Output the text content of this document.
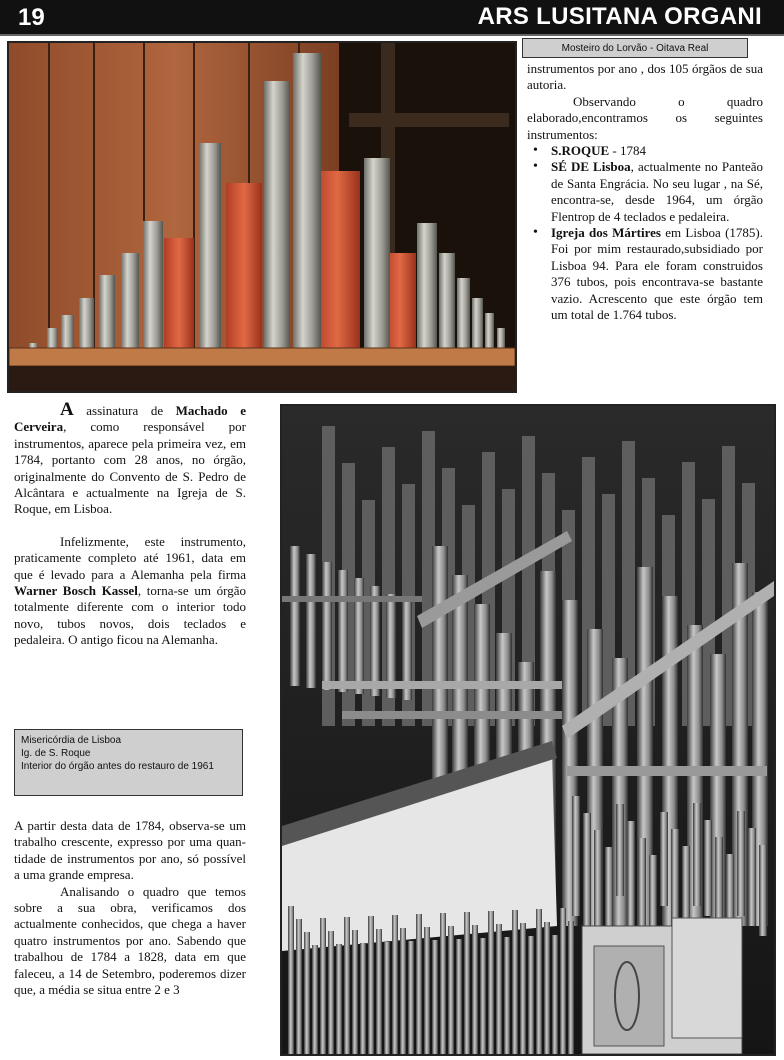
19	ARS LUSITANA ORGANI
Mosteiro do Lorvão - Oitava Real

instrumentos por ano , dos 105 órgãos de sua autoria.

Observando o quadro elaborado,encontramos os seguintes instrumentos:

• S.ROQUE - 1784
• SÉ DE Lisboa, actualmente no Panteão de Santa Engrácia. No seu lugar , na Sé, encontra-se, desde 1964, um órgão Flentrop de 4 teclados e pedaleira.
• Igreja dos Mártires em Lisboa (1785). Foi por mim restaurado,subsidiado por Lisboa 94. Para ele foram construidos 376 tubos, pois encontrava-se bastante vazio. Acrescento que este órgão tem um total de 1.764 tubos.

A assinatura de Machado e Cerveira, como responsável por instrumentos, aparece pela primeira vez, em 1784, portanto com 28 anos, no órgão, originalmente do Convento de S. Pedro de Alcântara e actualmente na Igreja de S. Roque, em Lisboa.

Infelizmente, este instrumento, praticamente completo até 1961, data em que é levado para a Alemanha pela firma Warner Bosch Kassel, torna-se um órgão totalmente diferente com o interior todo novo, tubos novos, dois teclados e pedaleira. O antigo ficou na Alemanha.

Misericórdia de Lisboa
Ig. de S. Roque
Interior do órgão antes do restauro de 1961

A partir desta data de 1784, observa-se um trabalho crescente, expresso por uma quan-tidade de instrumentos por ano, só possível a uma grande empresa.

Analisando o quadro que temos sobre a sua obra, verificamos dos actualmente conhecidos, que chega a haver quatro instrumentos por ano. Sabendo que trabalhou de 1784 a 1828, data em que faleceu, a 14 de Setembro, poderemos dizer que, a média se situa entre 2 e 3
